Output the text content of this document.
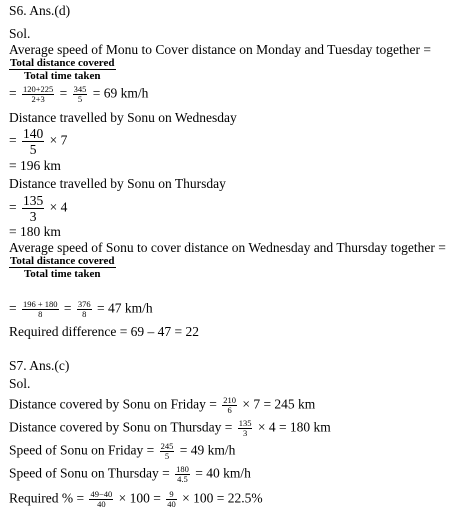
S6. Ans.(d)
Sol.
Average speed of Monu to Cover distance on Monday and Tuesday together =
$\frac{\text{Total distance covered}}{\text{Total time taken}}$
= $\frac{120+225}{2+3} = \frac{345}{5} = 69$ km/h
Distance travelled by Sonu on Wednesday
= $\frac{140}{5} \times 7$
= 196 km
Distance travelled by Sonu on Thursday
= $\frac{135}{3} \times 4$
= 180 km
Average speed of Sonu to cover distance on Wednesday and Thursday together =
$\frac{\text{Total distance covered}}{\text{Total time taken}}$
= $\frac{196 + 180}{8} = \frac{376}{8} = 47$ km/h
Required difference = 69 – 47 = 22
S7. Ans.(c)
Sol.
Distance covered by Sonu on Friday = $\frac{210}{6} \times 7 = 245$ km
Distance covered by Sonu on Thursday = $\frac{135}{3} \times 4 = 180$ km
Speed of Sonu on Friday = $\frac{245}{5} = 49$ km/h
Speed of Sonu on Thursday = $\frac{180}{4.5} = 40$ km/h
Required % = $\frac{49-40}{40} \times 100 = \frac{9}{40} \times 100 = 22.5\%$
